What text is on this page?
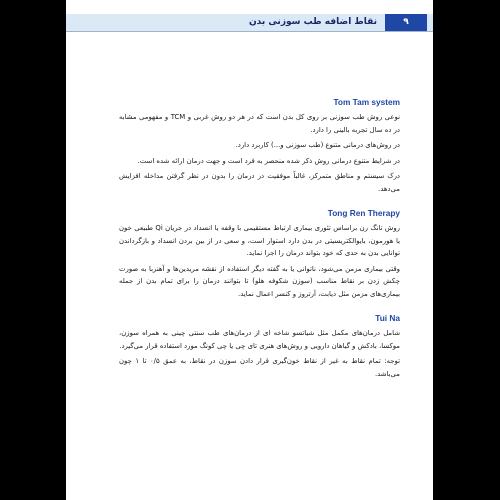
نقاط اضافه طب سوزنی بدن	۹
Tom Tam system

نوعی روش طب سوزنی بر روی کل بدن است که در هر دو روش غربی و TCM و مفهومی مشابه در ده سال تجربه بالینی را دارد.

در روش‌های درمانی متنوع (طب سوزنی و...) کاربرد دارد.

در شرایط متنوع درمانی روش ذکر شده منحصر به فرد است و جهت درمان ارائه شده است.

درک سیستم و مناطق متمرکز، غالباً موفقیت در درمان را بدون در نظر گرفتن مداخله افزایش می‌دهد.

Tong Ren Therapy

روش تانگ رن براساس تئوری بیماری ارتباط مستقیمی با وقفه یا انسداد در جریان Qi طبیعی خون یا هورمون، بایوالکتریسیتی در بدن دارد استوار است، و سعی در از بین بردن انسداد و بازگرداندن توانایی بدن به حدی که خود بتواند درمان را اجرا نماید.

وقتی بیماری مزمن می‌شود، ناتوانی یا به گفته دیگر استفاده از نقشه مریدین‌ها و آهنربا به صورت چکش زدن بر نقاط مناسب (سوزن شکوفه هلو) تا بتوانند درمان را برای تمام بدن از جمله بیماری‌های مزمن مثل دیابت، آرتروز و کنسر اعمال نماید.

Tui Na

شامل درمان‌های مکمل مثل شیاتسو شاخه ای از درمان‌های طب سنتی چینی به همراه سوزن، موکسا، بادکش و گیاهان دارویی و روش‌های هنری تای چی یا چی کونگ مورد استفاده قرار می‌گیرد.

توجه: تمام نقاط به غیر از نقاط خون‌گیری قرار دادن سوزن در نقاط، به عمق ۰/۵ تا ۱ چون می‌باشد.
